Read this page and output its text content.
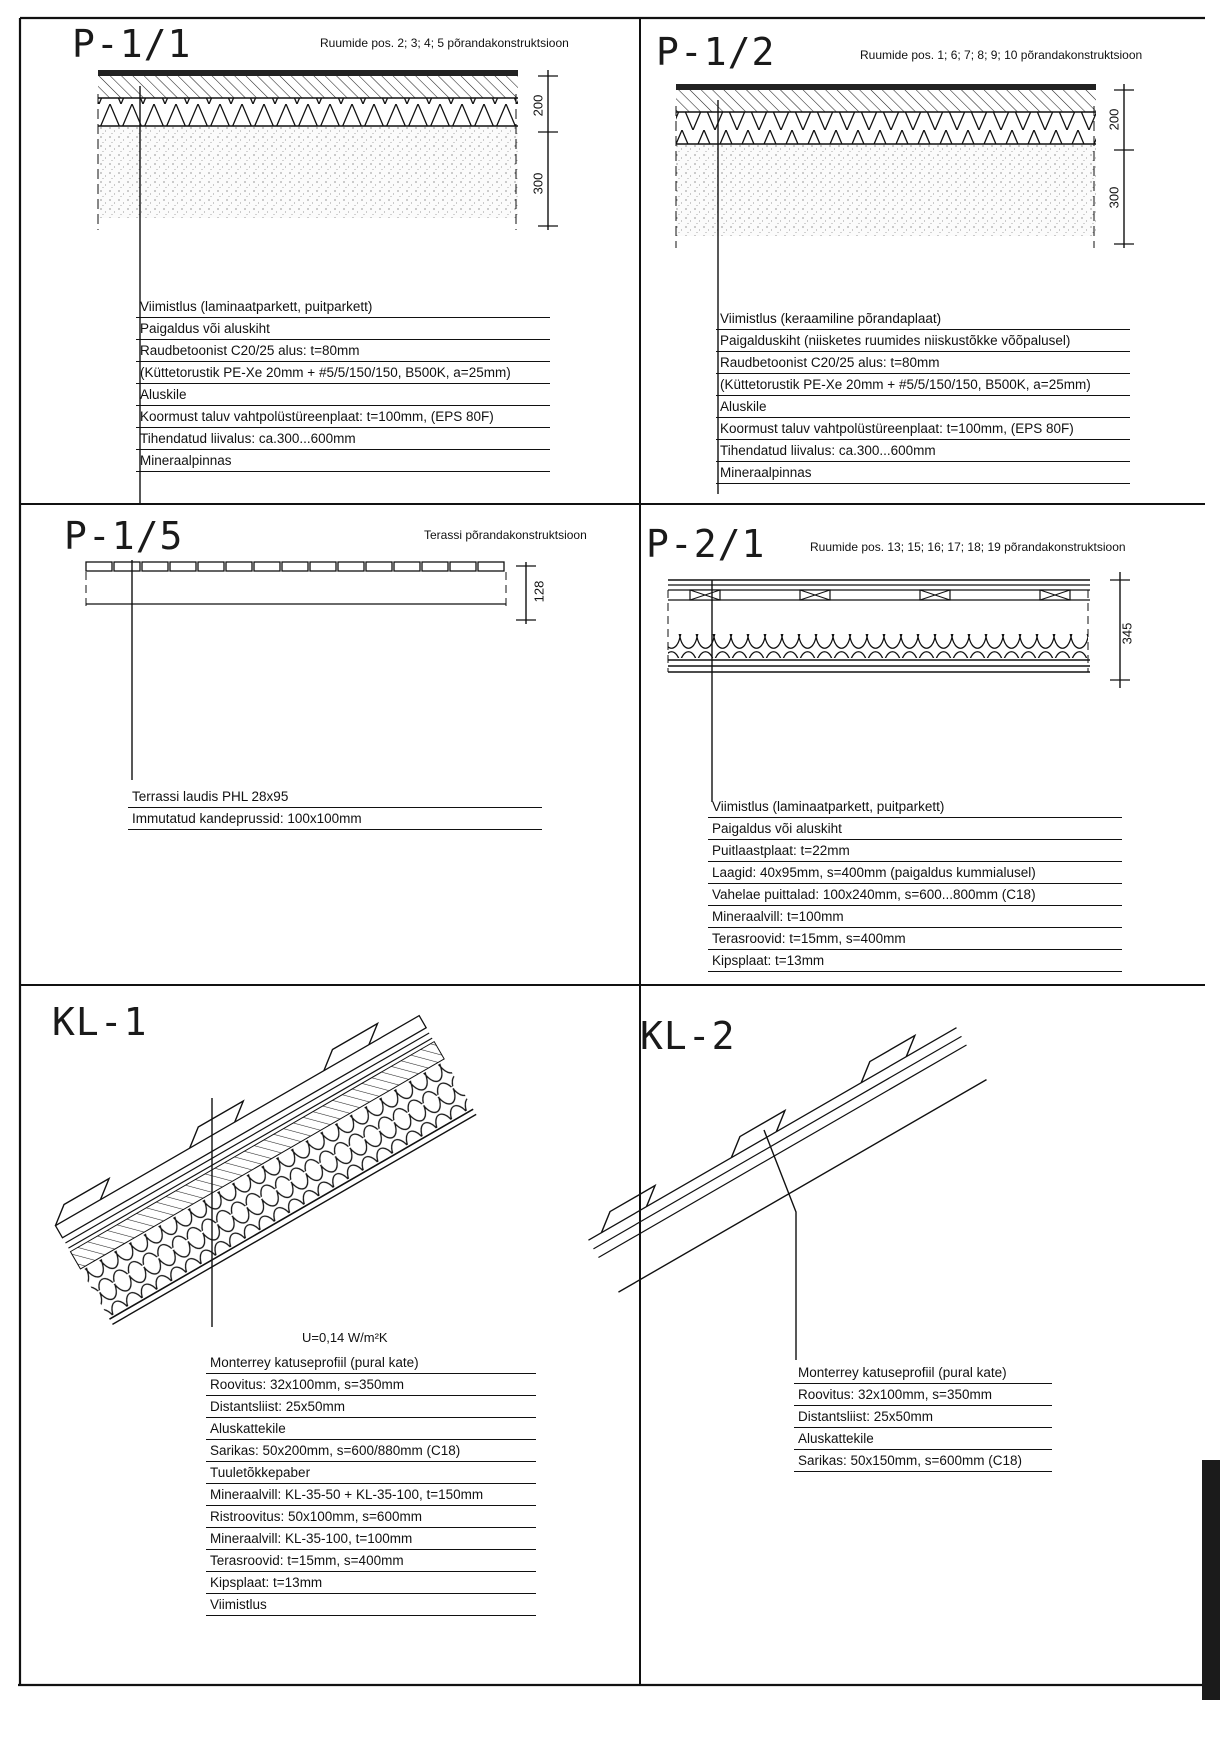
P-1/1	Ruumide pos. 2; 3; 4; 5 põrandakonstruktsioon P-1/2	Ruumide pos. 1; 6; 7; 8; 9; 10 põrandakonstruktsioon
P-1/5	Terassi põrandakonstruktsioon P-2/1	Ruumide pos. 13; 15; 16; 17; 18; 19 põrandakonstruktsioon
KL-1	KL-2
200
300
200
300
128
345
Viimistlus (laminaatparkett, puitparkett)
Paigaldus või aluskiht
Raudbetoonist C20/25 alus: t=80mm
(Küttetorustik PE-Xe 20mm + #5/5/150/150, B500K, a=25mm)
Aluskile
Koormust taluv vahtpolüstüreenplaat: t=100mm, (EPS 80F)
Tihendatud liivalus: ca.300...600mm
Mineraalpinnas
Viimistlus (keraamiline põrandaplaat)
Paigalduskiht (niisketes ruumides niiskustõkke võõpalusel)
Raudbetoonist C20/25 alus: t=80mm
(Küttetorustik PE-Xe 20mm + #5/5/150/150, B500K, a=25mm)
Aluskile
Koormust taluv vahtpolüstüreenplaat: t=100mm, (EPS 80F)
Tihendatud liivalus: ca.300...600mm
Mineraalpinnas
Terrassi laudis PHL 28x95
Immutatud kandeprussid: 100x100mm
Viimistlus (laminaatparkett, puitparkett)
Paigaldus või aluskiht
Puitlaastplaat: t=22mm
Laagid: 40x95mm, s=400mm (paigaldus kummialusel)
Vahelae puittalad: 100x240mm, s=600...800mm (C18)
Mineraalvill: t=100mm
Terasroovid: t=15mm, s=400mm
Kipsplaat: t=13mm
Monterrey katuseprofiil (pural kate)
Roovitus: 32x100mm, s=350mm
Distantsliist: 25x50mm
Aluskattekile
Sarikas: 50x200mm, s=600/880mm (C18)
Tuuletõkkepaber
Mineraalvill: KL-35-50 + KL-35-100, t=150mm
Ristroovitus: 50x100mm, s=600mm
Mineraalvill: KL-35-100, t=100mm
Terasroovid: t=15mm, s=400mm
Kipsplaat: t=13mm
Viimistlus
Monterrey katuseprofiil (pural kate)
Roovitus: 32x100mm, s=350mm
Distantsliist: 25x50mm
Aluskattekile
Sarikas: 50x150mm, s=600mm (C18)
U=0,14 W/m²K
